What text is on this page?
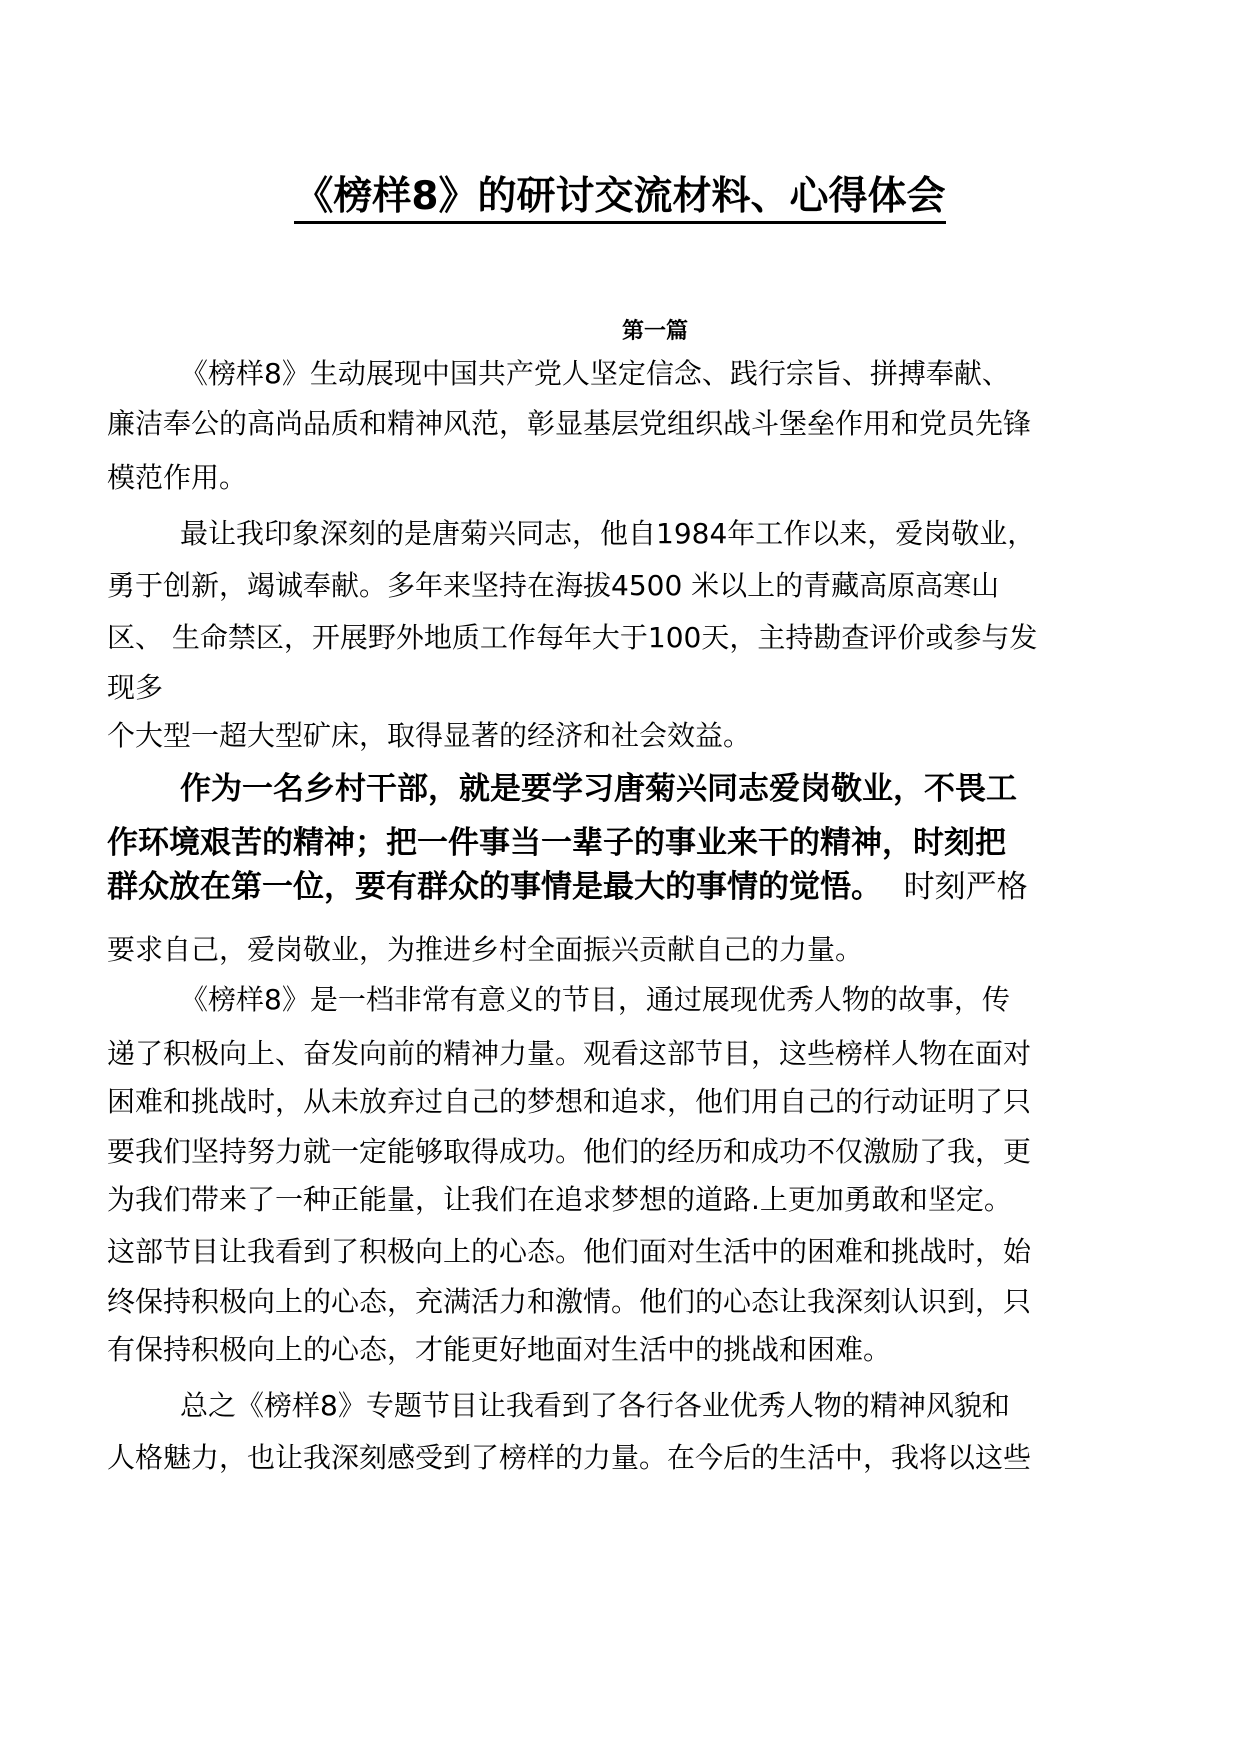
《榜样8》的研讨交流材料、心得体会
第一篇
《榜样8》生动展现中国共产党人坚定信念、践行宗旨、拼搏奉献、
廉洁奉公的高尚品质和精神风范，彰显基层党组织战斗堡垒作用和党员先锋
模范作用。
最让我印象深刻的是唐菊兴同志，他自1984年工作以来，爱岗敬业，
勇于创新，竭诚奉献。多年来坚持在海拔4500 米以上的青藏高原高寒山
区、 生命禁区，开展野外地质工作每年大于100天，主持勘查评价或参与发
现多
个大型一超大型矿床，取得显著的经济和社会效益。
作为一名乡村干部，就是要学习唐菊兴同志爱岗敬业，不畏工
作环境艰苦的精神；把一件事当一辈子的事业来干的精神，时刻把
群众放在第一位，要有群众的事情是最大的事情的觉悟。 时刻严格
要求自己，爱岗敬业，为推进乡村全面振兴贡献自己的力量。
《榜样8》是一档非常有意义的节目，通过展现优秀人物的故事，传
递了积极向上、奋发向前的精神力量。观看这部节目，这些榜样人物在面对
困难和挑战时，从未放弃过自己的梦想和追求，他们用自己的行动证明了只
要我们坚持努力就一定能够取得成功。他们的经历和成功不仅激励了我，更
为我们带来了一种正能量，让我们在追求梦想的道路.上更加勇敢和坚定。
这部节目让我看到了积极向上的心态。他们面对生活中的困难和挑战时，始
终保持积极向上的心态，充满活力和激情。他们的心态让我深刻认识到，只
有保持积极向上的心态，才能更好地面对生活中的挑战和困难。
总之《榜样8》专题节目让我看到了各行各业优秀人物的精神风貌和
人格魅力，也让我深刻感受到了榜样的力量。在今后的生活中，我将以这些
